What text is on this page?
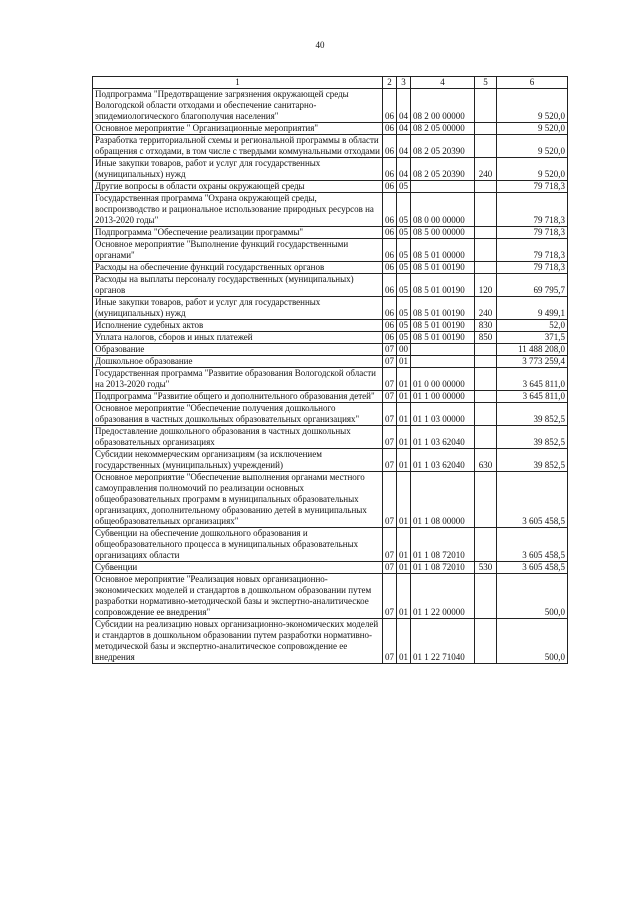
40
1	2	3	4	5	6
Подпрограмма "Предотвращение загрязнения окружающей среды Вологодской области отходами и обеспечение санитарно-эпидемиологического благополучия населения"	06	04	08 2 00 00000		9 520,0
Основное мероприятие " Организационные мероприятия"	06	04	08 2 05 00000		9 520,0
Разработка территориальной схемы и региональной программы в области обращения с отходами, в том числе с твердыми коммунальными отходами	06	04	08 2 05 20390		9 520,0
Иные закупки товаров, работ и услуг для государственных (муниципальных) нужд	06	04	08 2 05 20390	240	9 520,0
Другие вопросы в области охраны окружающей среды	06	05			79 718,3
Государственная программа "Охрана окружающей среды, воспроизводство и рациональное использование природных ресурсов на 2013-2020 годы"	06	05	08 0 00 00000		79 718,3
Подпрограмма "Обеспечение реализации программы"	06	05	08 5 00 00000		79 718,3
Основное мероприятие "Выполнение функций государственными органами"	06	05	08 5 01 00000		79 718,3
Расходы на обеспечение функций государственных органов	06	05	08 5 01 00190		79 718,3
Расходы на выплаты персоналу государственных (муниципальных) органов	06	05	08 5 01 00190	120	69 795,7
Иные закупки товаров, работ и услуг для государственных (муниципальных) нужд	06	05	08 5 01 00190	240	9 499,1
Исполнение судебных актов	06	05	08 5 01 00190	830	52,0
Уплата налогов, сборов и иных платежей	06	05	08 5 01 00190	850	371,5
Образование	07	00			11 488 208,0
Дошкольное образование	07	01			3 773 259,4
Государственная программа "Развитие образования Вологодской области на 2013-2020 годы"	07	01	01 0 00 00000		3 645 811,0
Подпрограмма "Развитие общего и дополнительного образования детей"	07	01	01 1 00 00000		3 645 811,0
Основное мероприятие "Обеспечение получения дошкольного образования в частных дошкольных образовательных организациях"	07	01	01 1 03 00000		39 852,5
Предоставление дошкольного образования в частных дошкольных образовательных организациях	07	01	01 1 03 62040		39 852,5
Субсидии некоммерческим организациям (за исключением государственных (муниципальных) учреждений)	07	01	01 1 03 62040	630	39 852,5
Основное мероприятие "Обеспечение выполнения органами местного самоуправления полномочий по реализации основных общеобразовательных программ в муниципальных образовательных организациях, дополнительному образованию детей в муниципальных общеобразовательных организациях"	07	01	01 1 08 00000		3 605 458,5
Субвенции на обеспечение дошкольного образования и общеобразовательного процесса в муниципальных образовательных организациях области	07	01	01 1 08 72010		3 605 458,5
Субвенции	07	01	01 1 08 72010	530	3 605 458,5
Основное мероприятие "Реализация новых организационно-экономических моделей и стандартов в дошкольном образовании путем разработки нормативно-методической базы и экспертно-аналитическое сопровождение ее внедрения"	07	01	01 1 22 00000		500,0
Субсидии на реализацию новых организационно-экономических моделей и стандартов в дошкольном образовании путем разработки нормативно-методической базы и экспертно-аналитическое сопровождение ее внедрения	07	01	01 1 22 71040		500,0
